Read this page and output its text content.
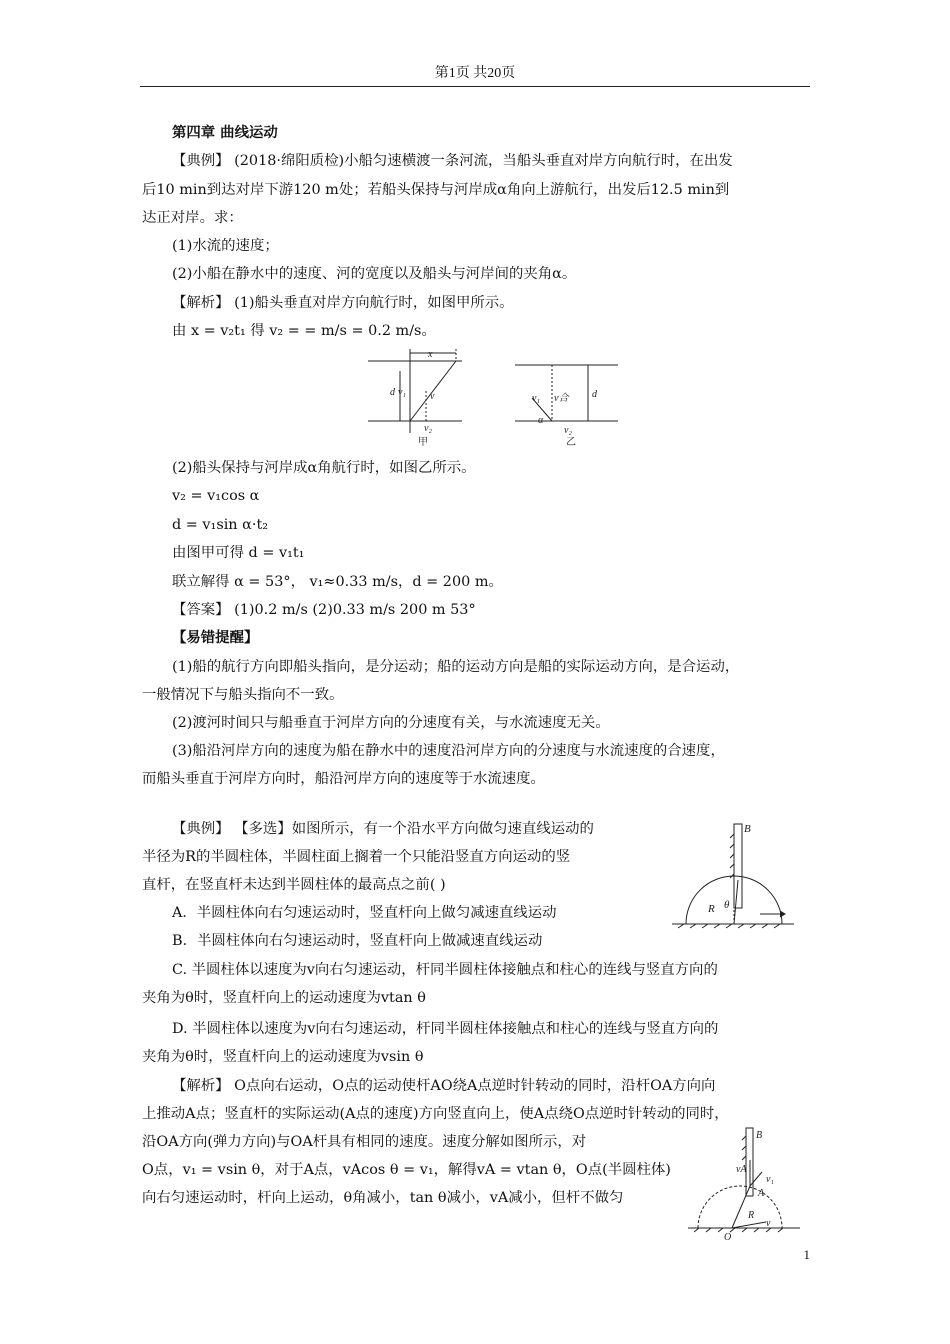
第1页 共20页
第四章 曲线运动
【典例】 (2018·绵阳质检)小船匀速横渡一条河流，当船头垂直对岸方向航行时，在出发
后10 min到达对岸下游120 m处；若船头保持与河岸成α角向上游航行，出发后12.5 min到
达正对岸。求：
(1)水流的速度；
(2)小船在静水中的速度、河的宽度以及船头与河岸间的夹角α。
【解析】 (1)船头垂直对岸方向航行时，如图甲所示。
由 x = v₂t₁ 得 v₂ = = m/s = 0.2 m/s。
x
d v₁ v
v₂
v₁ v合 d
α
v₂
甲	乙
(2)船头保持与河岸成α角航行时，如图乙所示。
v₂ = v₁cos α
d = v₁sin α·t₂
由图甲可得 d = v₁t₁
联立解得 α = 53°， v₁≈0.33 m/s，d = 200 m。
【答案】 (1)0.2 m/s (2)0.33 m/s 200 m 53°
【易错提醒】
(1)船的航行方向即船头指向，是分运动；船的运动方向是船的实际运动方向，是合运动，
一般情况下与船头指向不一致。
(2)渡河时间只与船垂直于河岸方向的分速度有关，与水流速度无关。
(3)船沿河岸方向的速度为船在静水中的速度沿河岸方向的分速度与水流速度的合速度，
而船头垂直于河岸方向时，船沿河岸方向的速度等于水流速度。
【典例】 【多选】如图所示，有一个沿水平方向做匀速直线运动的
半径为R的半圆柱体，半圆柱面上搁着一个只能沿竖直方向运动的竖
直杆，在竖直杆未达到半圆柱体的最高点之前( )
A．半圆柱体向右匀速运动时，竖直杆向上做匀减速直线运动
B．半圆柱体向右匀速运动时，竖直杆向上做减速直线运动
C. 半圆柱体以速度为v向右匀速运动，杆同半圆柱体接触点和柱心的连线与竖直方向的
夹角为θ时，竖直杆向上的运动速度为vtan θ
D. 半圆柱体以速度为v向右匀速运动，杆同半圆柱体接触点和柱心的连线与竖直方向的
夹角为θ时，竖直杆向上的运动速度为vsin θ
【解析】 O点向右运动，O点的运动使杆AO绕A点逆时针转动的同时，沿杆OA方向向
上推动A点；竖直杆的实际运动(A点的速度)方向竖直向上，使A点绕O点逆时针转动的同时，
沿OA方向(弹力方向)与OA杆具有相同的速度。速度分解如图所示，对
O点，v₁ = vsin θ，对于A点，vAcos θ = v₁，解得vA = vtan θ，O点(半圆柱体)
向右匀速运动时，杆向上运动，θ角减小，tan θ减小，vA减小，但杆不做匀
B
R θ
B
vA
v₁
A
R
O
v
1
